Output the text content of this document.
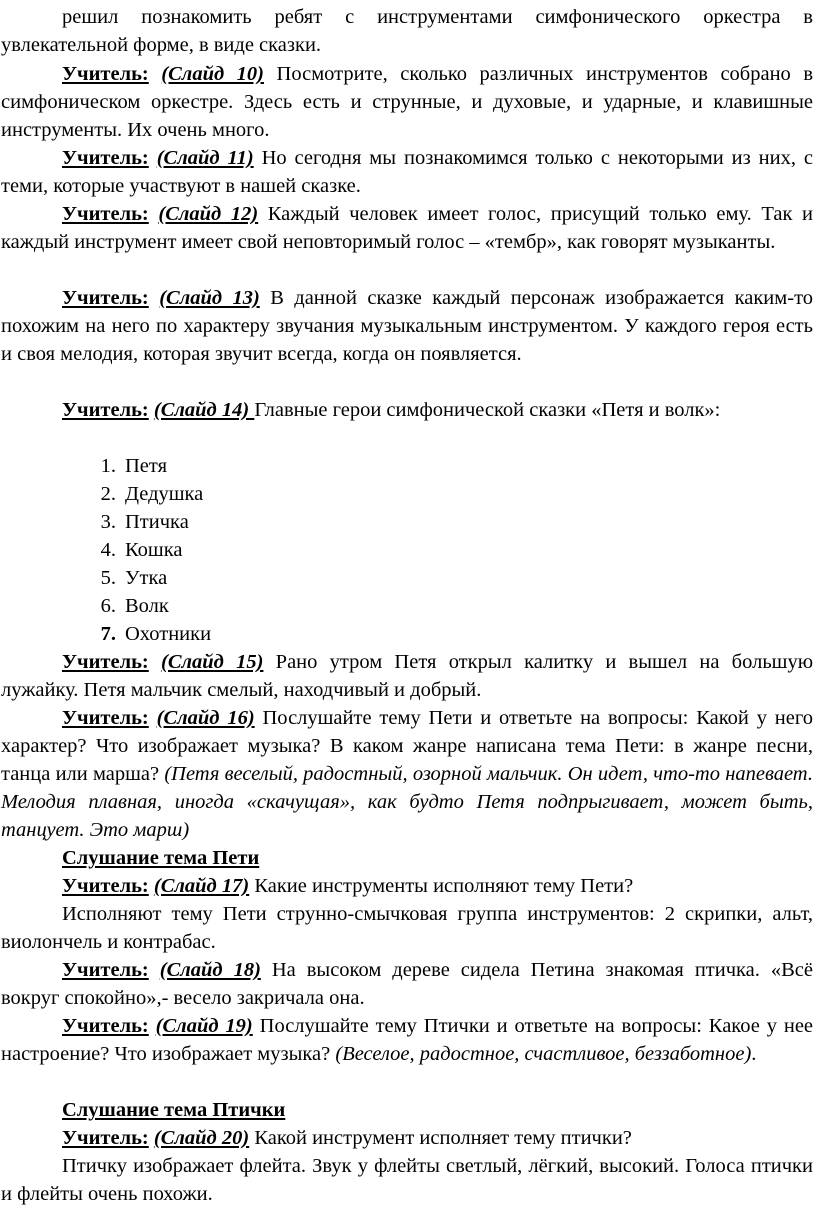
решил познакомить ребят с инструментами симфонического оркестра в увлекательной форме, в виде сказки.

Учитель: (Слайд 10) Посмотрите, сколько различных инструментов собрано в симфоническом оркестре. Здесь есть и струнные, и духовые, и ударные, и клавишные инструменты. Их очень много.

Учитель: (Слайд 11) Но сегодня мы познакомимся только с некоторыми из них, с теми, которые участвуют в нашей сказке.

Учитель: (Слайд 12) Каждый человек имеет голос, присущий только ему. Так и каждый инструмент имеет свой неповторимый голос – «тембр», как говорят музыканты.

Учитель: (Слайд 13) В данной сказке каждый персонаж изображается каким-то похожим на него по характеру звучания музыкальным инструментом. У каждого героя есть и своя мелодия, которая звучит всегда, когда он появляется.

Учитель: (Слайд 14) Главные герои симфонической сказки «Петя и волк»:

1. Петя
2. Дедушка
3. Птичка
4. Кошка
5. Утка
6. Волк
7. Охотники

Учитель: (Слайд 15) Рано утром Петя открыл калитку и вышел на большую лужайку. Петя мальчик смелый, находчивый и добрый.

Учитель: (Слайд 16) Послушайте тему Пети и ответьте на вопросы: Какой у него характер? Что изображает музыка? В каком жанре написана тема Пети: в жанре песни, танца или марша? (Петя веселый, радостный, озорной мальчик. Он идет, что-то напевает. Мелодия плавная, иногда «скачущая», как будто Петя подпрыгивает, может быть, танцует. Это марш)

Слушание тема Пети

Учитель: (Слайд 17) Какие инструменты исполняют тему Пети?

Исполняют тему Пети струнно-смычковая группа инструментов: 2 скрипки, альт, виолончель и контрабас.

Учитель: (Слайд 18) На высоком дереве сидела Петина знакомая птичка. «Всё вокруг спокойно»,- весело закричала она.

Учитель: (Слайд 19) Послушайте тему Птички и ответьте на вопросы: Какое у нее настроение? Что изображает музыка? (Веселое, радостное, счастливое, беззаботное).

Слушание тема Птички

Учитель: (Слайд 20) Какой инструмент исполняет тему птички?

Птичку изображает флейта. Звук у флейты светлый, лёгкий, высокий. Голоса птички и флейты очень похожи.
